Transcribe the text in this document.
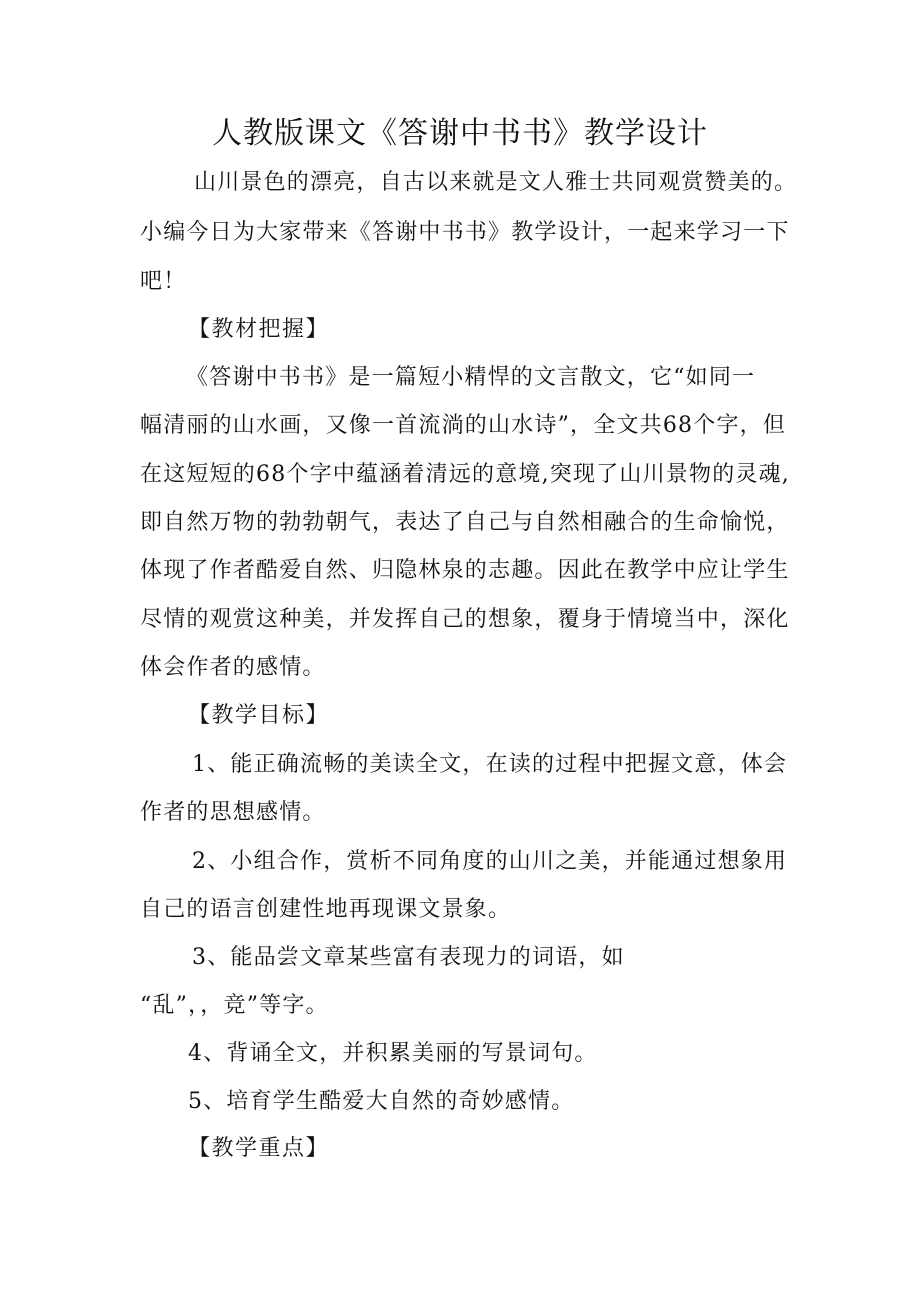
人教版课文《答谢中书书》教学设计
山川景色的漂亮，自古以来就是文人雅士共同观赏赞美的。
小编今日为大家带来《答谢中书书》教学设计，一起来学习一下
吧！
【教材把握】
《答谢中书书》是一篇短小精悍的文言散文，它“如同一
幅清丽的山水画，又像一首流淌的山水诗”，全文共68个字，但
在这短短的68个字中蕴涵着清远的意境,突现了山川景物的灵魂,
即自然万物的勃勃朝气，表达了自己与自然相融合的生命愉悦，
体现了作者酷爱自然、归隐林泉的志趣。因此在教学中应让学生
尽情的观赏这种美，并发挥自己的想象，覆身于情境当中，深化
体会作者的感情。
【教学目标】
1、能正确流畅的美读全文，在读的过程中把握文意，体会
作者的思想感情。
2、小组合作，赏析不同角度的山川之美，并能通过想象用
自己的语言创建性地再现课文景象。
3、能品尝文章某些富有表现力的词语，如
“乱”，，竞”等字。
4、背诵全文，并积累美丽的写景词句。
5、培育学生酷爱大自然的奇妙感情。
【教学重点】
